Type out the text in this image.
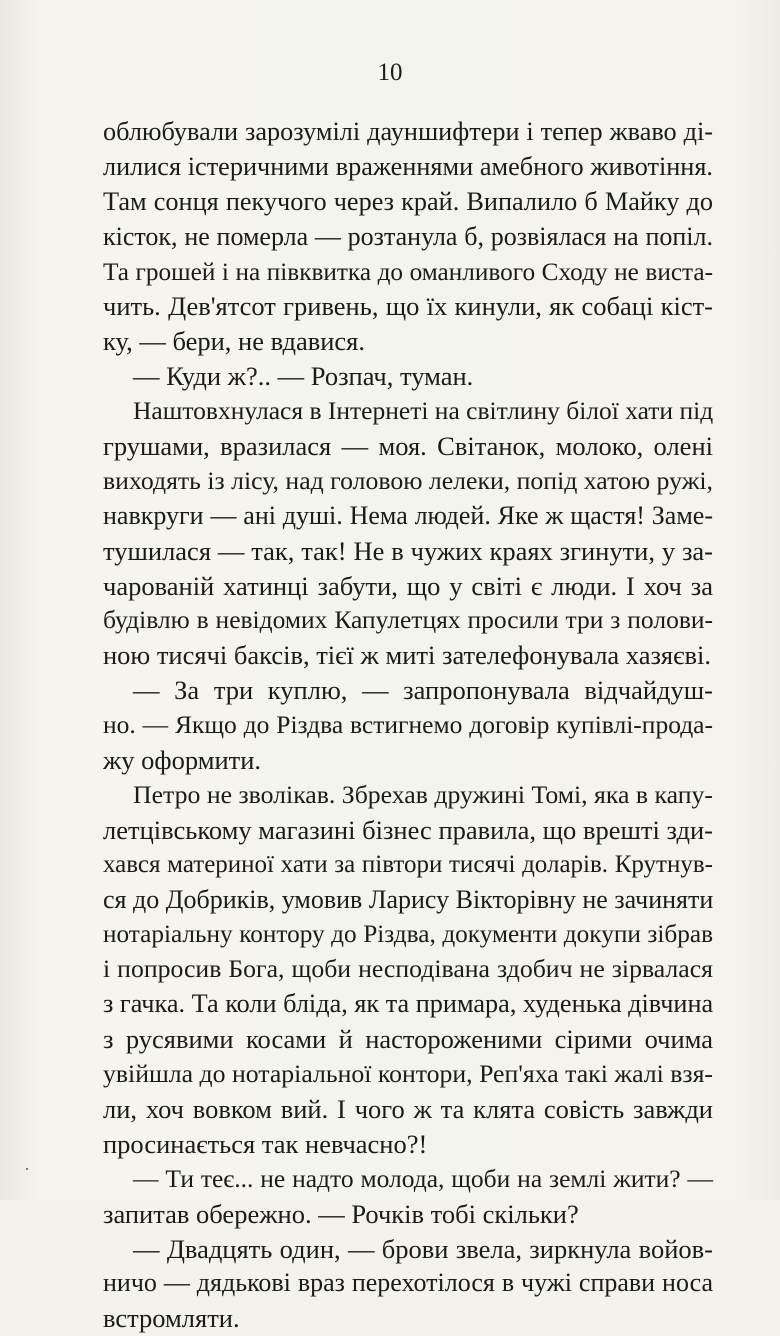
10
облюбували зарозумілі дауншифтери і тепер жваво ді-
лилися істеричними враженнями амебного животіння.
Там сонця пекучого через край. Випалило б Майку до
кісток, не померла — розтанула б, розвіялася на попіл.
Та грошей і на півквитка до оманливого Сходу не виста-
чить. Дев'ятсот гривень, що їх кинули, як собаці кіст-
ку, — бери, не вдавися.
— Куди ж?.. — Розпач, туман.
Наштовхнулася в Інтернеті на світлину білої хати під
грушами, вразилася — моя. Світанок, молоко, олені
виходять із лісу, над головою лелеки, попід хатою ружі,
навкруги — ані душі. Нема людей. Яке ж щастя! Заме-
тушилася — так, так! Не в чужих краях згинути, у за-
чарованій хатинці забути, що у світі є люди. І хоч за
будівлю в невідомих Капулетцях просили три з полови-
ною тисячі баксів, тієї ж миті зателефонувала хазяєві.
— За три куплю, — запропонувала відчайдуш-
но. — Якщо до Різдва встигнемо договір купівлі-прода-
жу оформити.
Петро не зволікав. Збрехав дружині Томі, яка в капу-
летцівському магазині бізнес правила, що врешті зди-
хався материної хати за півтори тисячі доларів. Крутнув-
ся до Добриків, умовив Ларису Вікторівну не зачиняти
нотаріальну контору до Різдва, документи докупи зібрав
і попросив Бога, щоби несподівана здобич не зірвалася
з гачка. Та коли бліда, як та примара, худенька дівчина
з русявими косами й настороженими сірими очима
увійшла до нотаріальної контори, Реп'яха такі жалі взя-
ли, хоч вовком вий. І чого ж та клята совість завжди
просинається так невчасно?!
— Ти теє... не надто молода, щоби на землі жити? —
запитав обережно. — Рочків тобі скільки?
— Двадцять один, — брови звела, зиркнула войов-
ничо — дядькові враз перехотілося в чужі справи носа
встромляти.
